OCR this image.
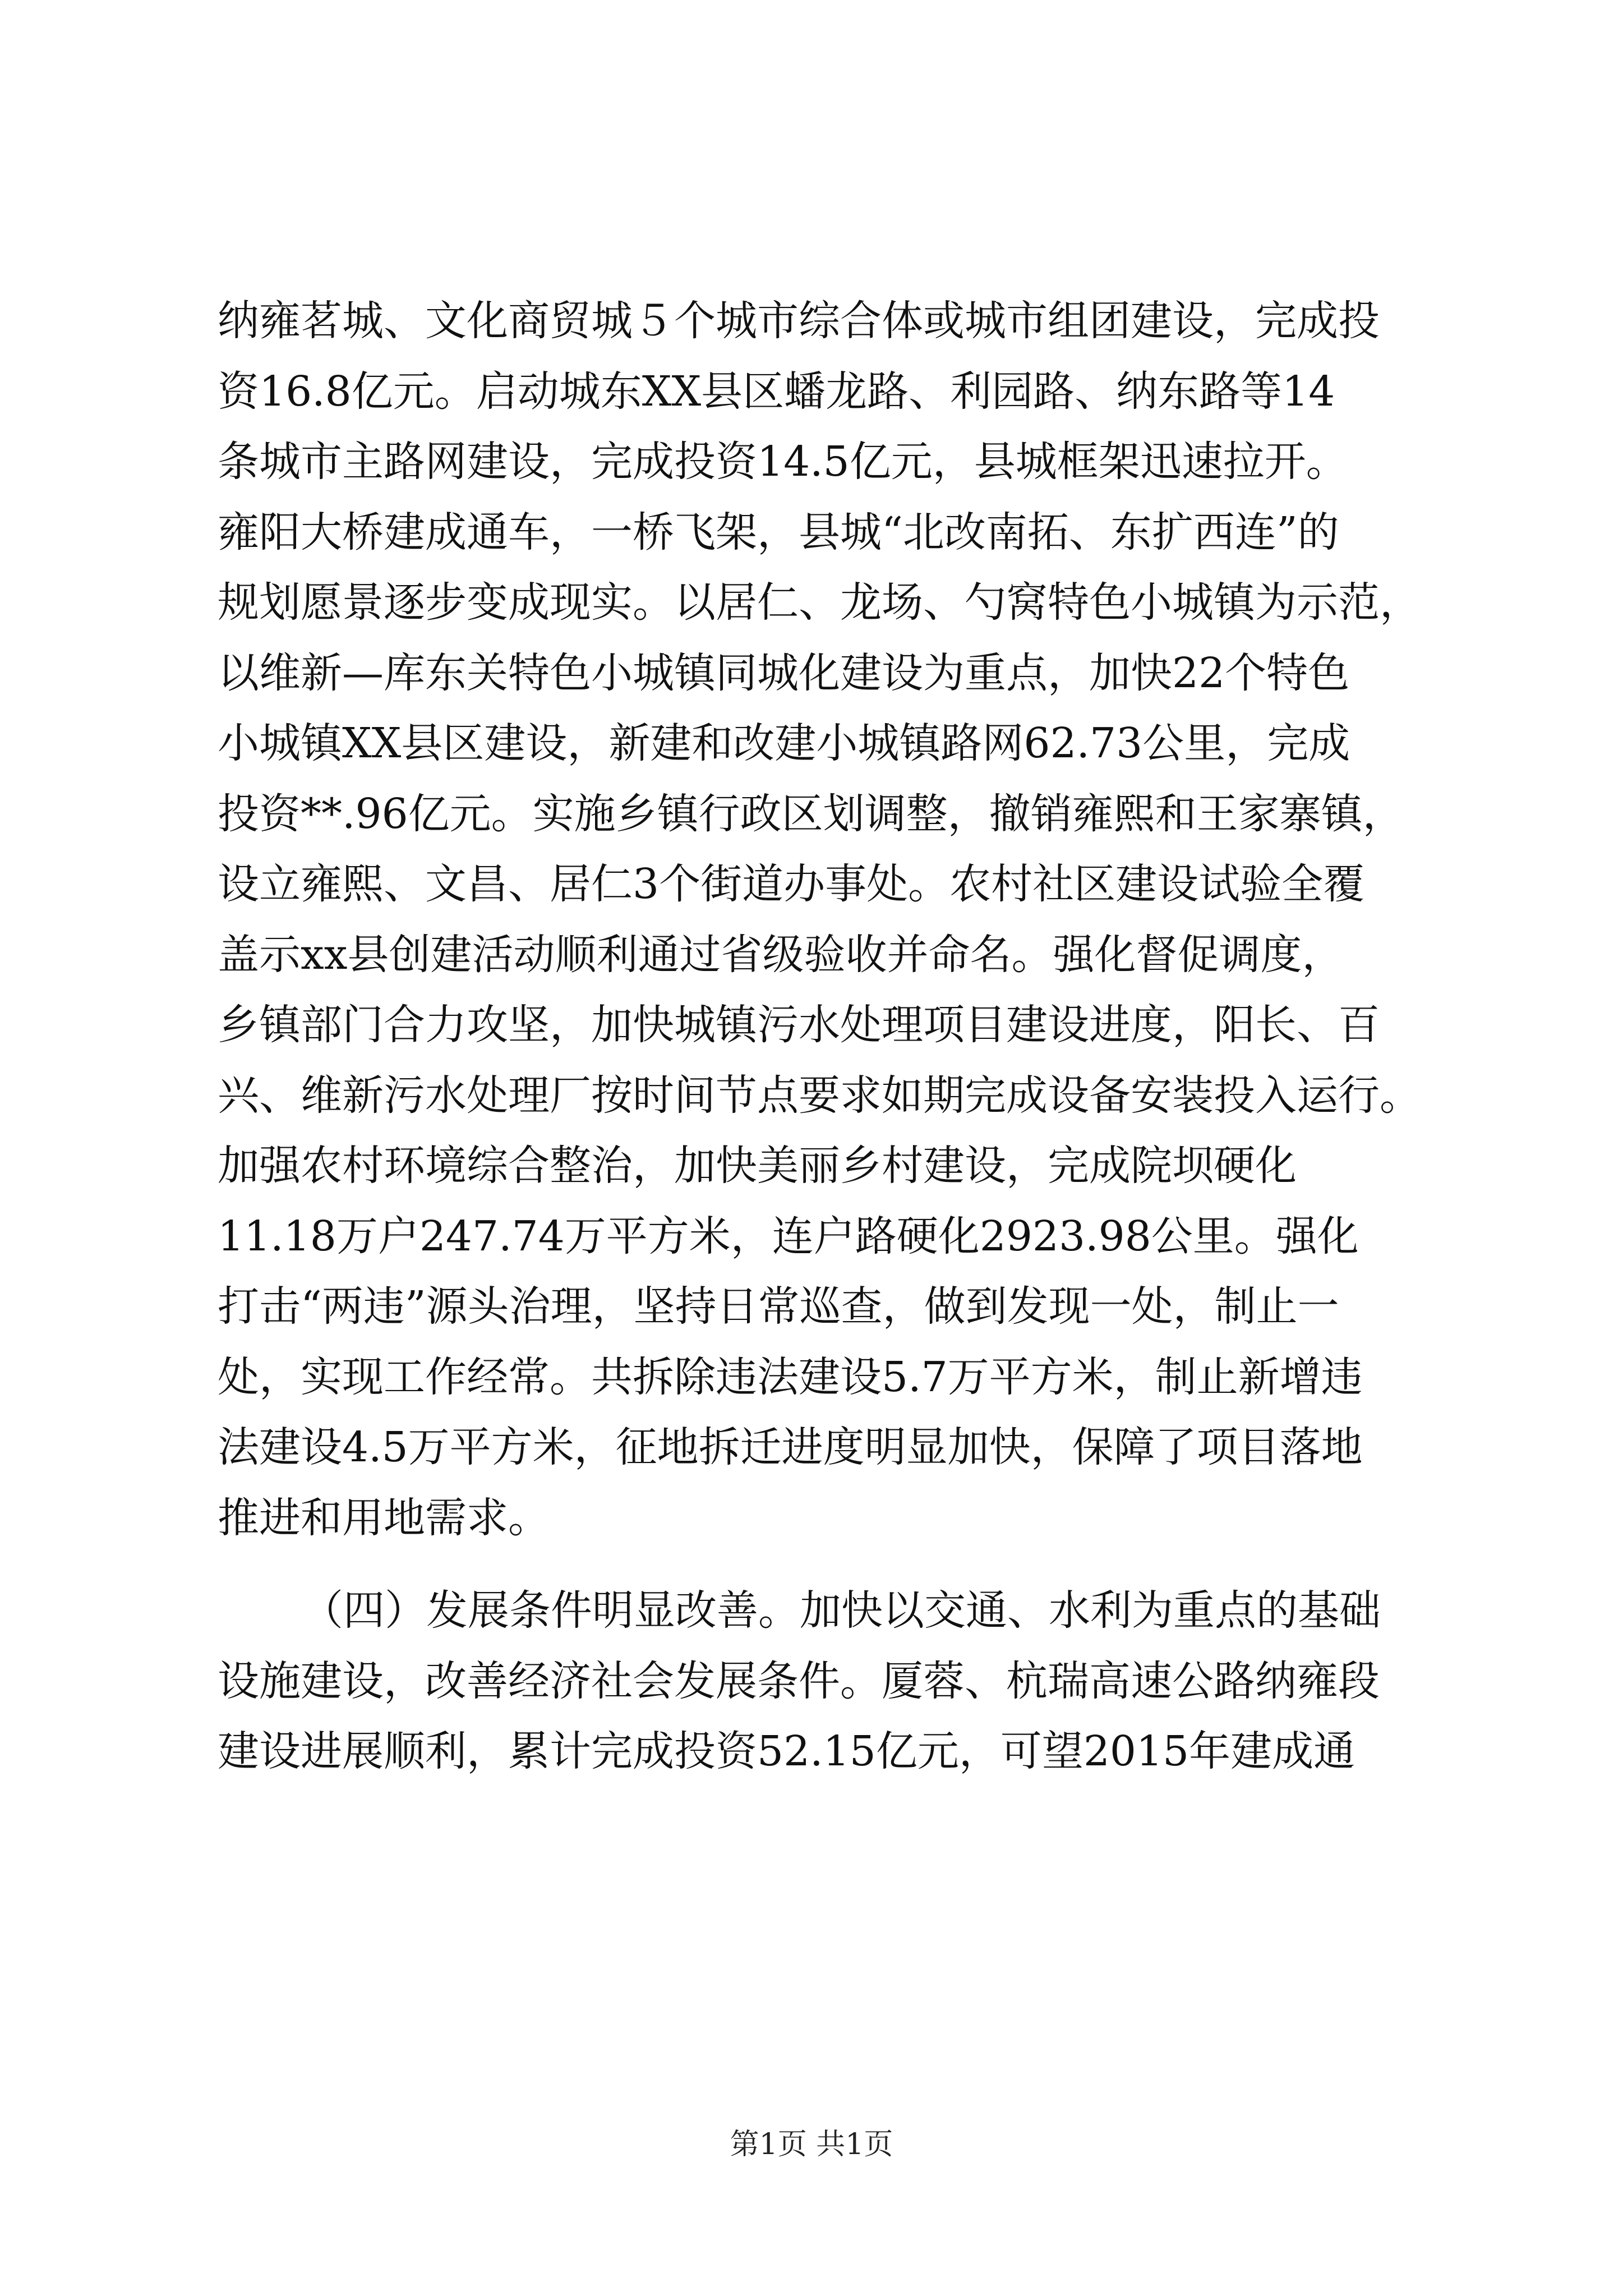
纳雍茗城、文化商贸城５个城市综合体或城市组团建设，完成投
资16.8亿元。启动城东XX县区蟠龙路、利园路、纳东路等14
条城市主路网建设，完成投资14.5亿元，县城框架迅速拉开。
雍阳大桥建成通车，一桥飞架，县城“北改南拓、东扩西连”的
规划愿景逐步变成现实。以居仁、龙场、勺窝特色小城镇为示范，
以维新—库东关特色小城镇同城化建设为重点，加快22个特色
小城镇XX县区建设，新建和改建小城镇路网62.73公里，完成
投资**.96亿元。实施乡镇行政区划调整，撤销雍熙和王家寨镇，
设立雍熙、文昌、居仁3个街道办事处。农村社区建设试验全覆
盖示xx县创建活动顺利通过省级验收并命名。强化督促调度，
乡镇部门合力攻坚，加快城镇污水处理项目建设进度，阳长、百
兴、维新污水处理厂按时间节点要求如期完成设备安装投入运行。
加强农村环境综合整治，加快美丽乡村建设，完成院坝硬化
11.18万户247.74万平方米，连户路硬化2923.98公里。强化
打击“两违”源头治理，坚持日常巡查，做到发现一处，制止一
处，实现工作经常。共拆除违法建设5.7万平方米，制止新增违
法建设4.5万平方米，征地拆迁进度明显加快，保障了项目落地
推进和用地需求。
（四）发展条件明显改善。加快以交通、水利为重点的基础
设施建设，改善经济社会发展条件。厦蓉、杭瑞高速公路纳雍段
建设进展顺利，累计完成投资52.15亿元，可望2015年建成通
第1页 共1页
